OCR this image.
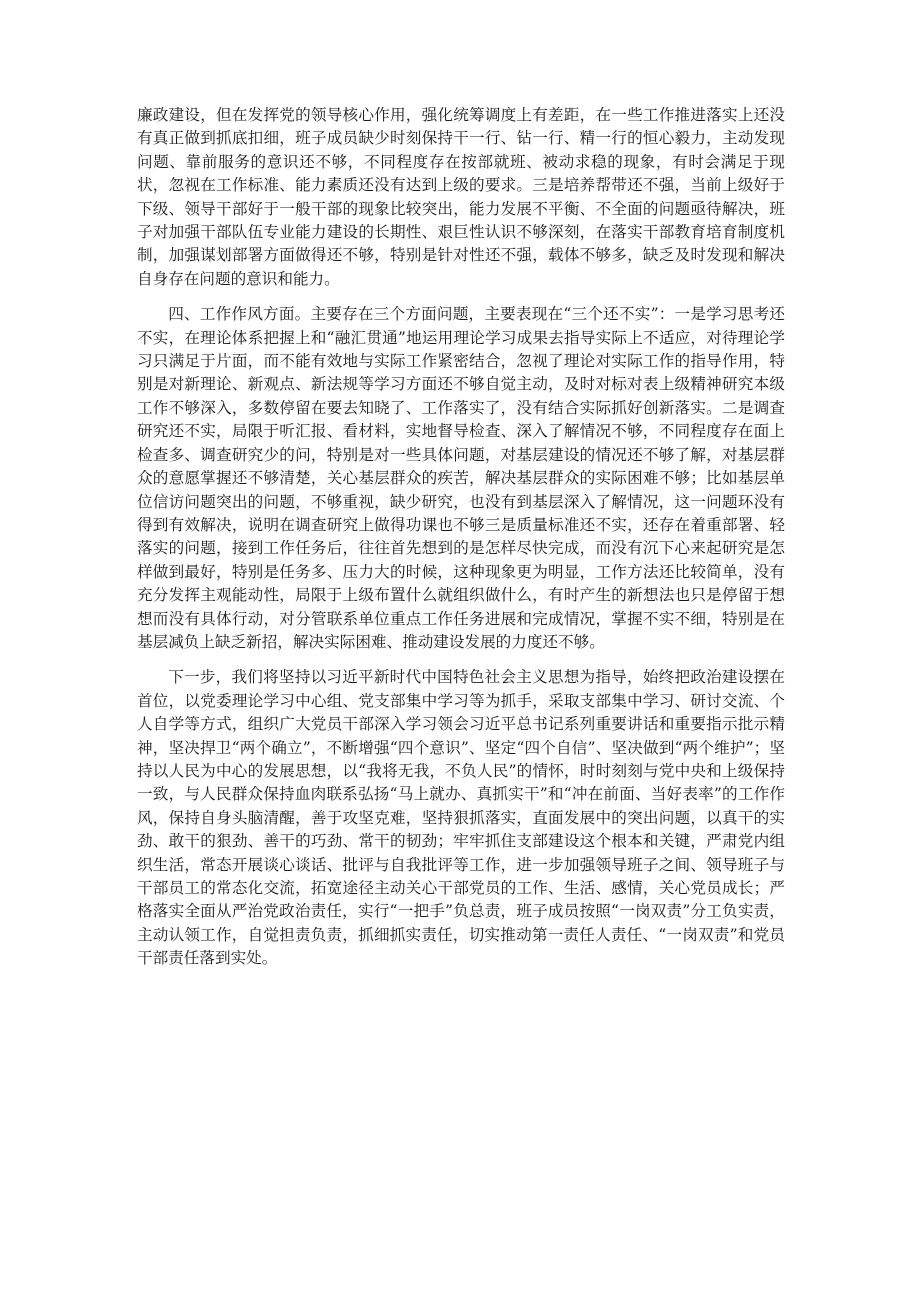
廉政建设，但在发挥党的领导核心作用，强化统筹调度上有差距，在一些工作推进落实上还没有真正做到抓底扣细，班子成员缺少时刻保持干一行、钻一行、精一行的恒心毅力，主动发现问题、靠前服务的意识还不够，不同程度存在按部就班、被动求稳的现象，有时会满足于现状，忽视在工作标准、能力素质还没有达到上级的要求。三是培养帮带还不强，当前上级好于下级、领导干部好于一般干部的现象比较突出，能力发展不平衡、不全面的问题亟待解决，班子对加强干部队伍专业能力建设的长期性、艰巨性认识不够深刻，在落实干部教育培育制度机制，加强谋划部署方面做得还不够，特别是针对性还不强，载体不够多，缺乏及时发现和解决自身存在问题的意识和能力。

四、工作作风方面。主要存在三个方面问题，主要表现在“三个还不实”：一是学习思考还不实，在理论体系把握上和“融汇贯通”地运用理论学习成果去指导实际上不适应，对待理论学习只满足于片面，而不能有效地与实际工作紧密结合，忽视了理论对实际工作的指导作用，特别是对新理论、新观点、新法规等学习方面还不够自觉主动，及时对标对表上级精神研究本级工作不够深入，多数停留在要去知晓了、工作落实了，没有结合实际抓好创新落实。二是调查研究还不实，局限于听汇报、看材料，实地督导检查、深入了解情况不够，不同程度存在面上检查多、调查研究少的问，特别是对一些具体问题，对基层建设的情况还不够了解，对基层群众的意愿掌握还不够清楚，关心基层群众的疾苦，解决基层群众的实际困难不够；比如基层单位信访问题突出的问题，不够重视，缺少研究，也没有到基层深入了解情况，这一问题环没有得到有效解决，说明在调查研究上做得功课也不够三是质量标准还不实，还存在着重部署、轻落实的问题，接到工作任务后，往往首先想到的是怎样尽快完成，而没有沉下心来起研究是怎样做到最好，特别是任务多、压力大的时候，这种现象更为明显，工作方法还比较简单，没有充分发挥主观能动性，局限于上级布置什么就组织做什么，有时产生的新想法也只是停留于想想而没有具体行动，对分管联系单位重点工作任务进展和完成情况，掌握不实不细，特别是在基层减负上缺乏新招，解决实际困难、推动建设发展的力度还不够。

下一步，我们将坚持以习近平新时代中国特色社会主义思想为指导，始终把政治建设摆在首位，以党委理论学习中心组、党支部集中学习等为抓手，采取支部集中学习、研讨交流、个人自学等方式，组织广大党员干部深入学习领会习近平总书记系列重要讲话和重要指示批示精神，坚决捍卫“两个确立”，不断增强“四个意识”、坚定“四个自信”、坚决做到“两个维护”；坚持以人民为中心的发展思想，以“我将无我，不负人民”的情怀，时时刻刻与党中央和上级保持一致，与人民群众保持血肉联系弘扬“马上就办、真抓实干”和“冲在前面、当好表率”的工作作风，保持自身头脑清醒，善于攻坚克难，坚持狠抓落实，直面发展中的突出问题，以真干的实劲、敢干的狠劲、善干的巧劲、常干的韧劲；牢牢抓住支部建设这个根本和关键，严肃党内组织生活，常态开展谈心谈话、批评与自我批评等工作，进一步加强领导班子之间、领导班子与干部员工的常态化交流，拓宽途径主动关心干部党员的工作、生活、感情，关心党员成长；严格落实全面从严治党政治责任，实行“一把手”负总责，班子成员按照“一岗双责”分工负实责，主动认领工作，自觉担责负责，抓细抓实责任，切实推动第一责任人责任、“一岗双责”和党员干部责任落到实处。
